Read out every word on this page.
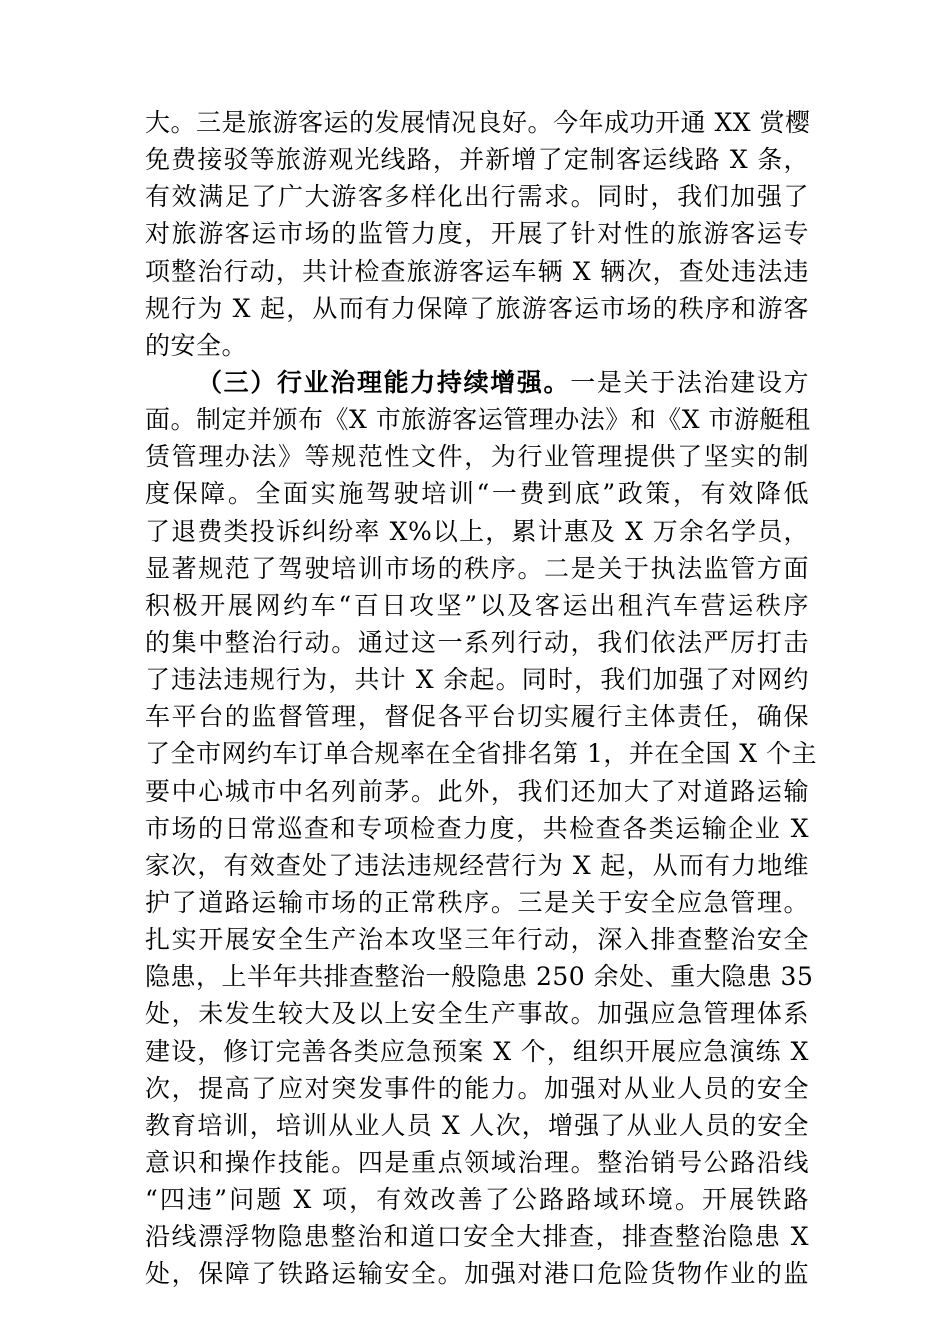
大。三是旅游客运的发展情况良好。今年成功开通 XX 赏樱
免费接驳等旅游观光线路，并新增了定制客运线路 X 条，
有效满足了广大游客多样化出行需求。同时，我们加强了
对旅游客运市场的监管力度，开展了针对性的旅游客运专
项整治行动，共计检查旅游客运车辆 X 辆次，查处违法违
规行为 X 起，从而有力保障了旅游客运市场的秩序和游客
的安全。
（三）行业治理能力持续增强。一是关于法治建设方
面。制定并颁布《X 市旅游客运管理办法》和《X 市游艇租
赁管理办法》等规范性文件，为行业管理提供了坚实的制
度保障。全面实施驾驶培训“一费到底”政策，有效降低
了退费类投诉纠纷率 X%以上，累计惠及 X 万余名学员，
显著规范了驾驶培训市场的秩序。二是关于执法监管方面
积极开展网约车“百日攻坚”以及客运出租汽车营运秩序
的集中整治行动。通过这一系列行动，我们依法严厉打击
了违法违规行为，共计 X 余起。同时，我们加强了对网约
车平台的监督管理，督促各平台切实履行主体责任，确保
了全市网约车订单合规率在全省排名第 1，并在全国 X 个主
要中心城市中名列前茅。此外，我们还加大了对道路运输
市场的日常巡查和专项检查力度，共检查各类运输企业 X
家次，有效查处了违法违规经营行为 X 起，从而有力地维
护了道路运输市场的正常秩序。三是关于安全应急管理。
扎实开展安全生产治本攻坚三年行动，深入排查整治安全
隐患，上半年共排查整治一般隐患 250 余处、重大隐患 35
处，未发生较大及以上安全生产事故。加强应急管理体系
建设，修订完善各类应急预案 X 个，组织开展应急演练 X
次，提高了应对突发事件的能力。加强对从业人员的安全
教育培训，培训从业人员 X 人次，增强了从业人员的安全
意识和操作技能。四是重点领域治理。整治销号公路沿线
“四违”问题 X 项，有效改善了公路路域环境。开展铁路
沿线漂浮物隐患整治和道口安全大排查，排查整治隐患 X
处，保障了铁路运输安全。加强对港口危险货物作业的监
